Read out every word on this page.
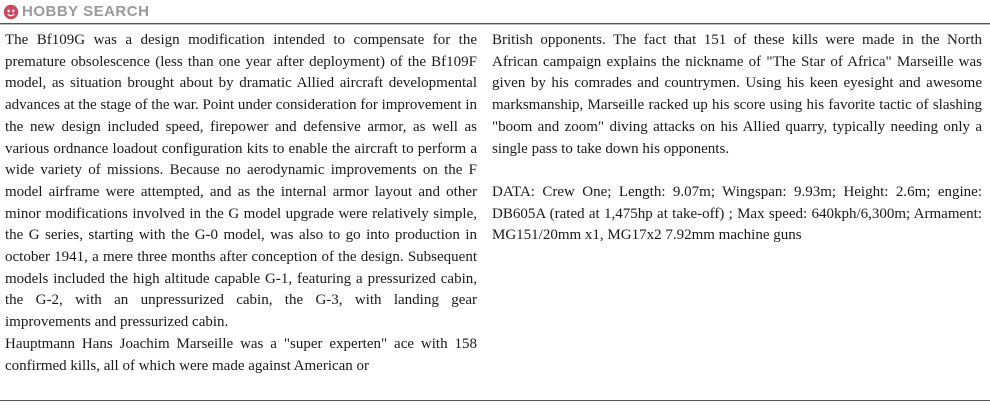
HOBBY SEARCH

The Bf109G was a design modification intended to compensate for the premature obsolescence (less than one year after deployment) of the Bf109F model, as situation brought about by dramatic Allied aircraft developmental advances at the stage of the war. Point under consideration for improvement in the new design included speed, firepower and defensive armor, as well as various ordnance loadout configuration kits to enable the aircraft to perform a wide variety of missions. Because no aerodynamic improvements on the F model airframe were attempted, and as the internal armor layout and other minor modifications involved in the G model upgrade were relatively simple, the G series, starting with the G-0 model, was also to go into production in october 1941, a mere three months after conception of the design. Subsequent models included the high altitude capable G-1, featuring a pressurized cabin, the G-2, with an unpressurized cabin, the G-3, with landing gear improvements and pressurized cabin.

Hauptmann Hans Joachim Marseille was a "super experten" ace with 158 confirmed kills, all of which were made against American or

British opponents. The fact that 151 of these kills were made in the North African campaign explains the nickname of "The Star of Africa" Marseille was given by his comrades and countrymen. Using his keen eyesight and awesome marksmanship, Marseille racked up his score using his favorite tactic of slashing "boom and zoom" diving attacks on his Allied quarry, typically needing only a single pass to take down his opponents.

DATA: Crew One; Length: 9.07m; Wingspan: 9.93m; Height: 2.6m; engine: DB605A (rated at 1,475hp at take-off) ; Max speed: 640kph/6,300m; Armament: MG151/20mm x1, MG17x2 7.92mm machine guns
